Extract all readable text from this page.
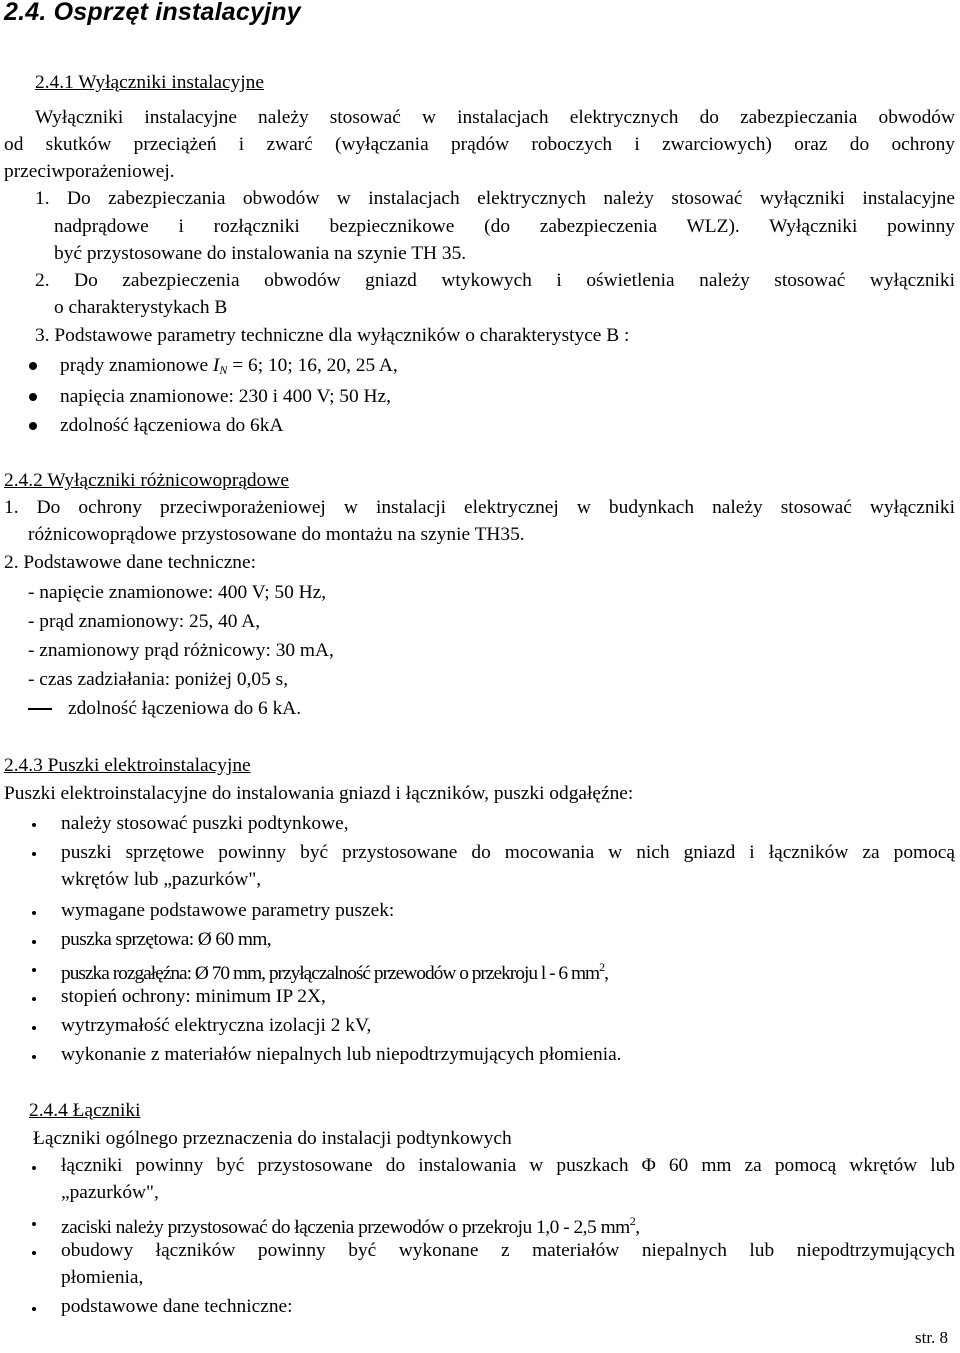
2.4. Osprzęt instalacyjny
2.4.1 Wyłączniki instalacyjne
Wyłączniki instalacyjne należy stosować w instalacjach elektrycznych do zabezpieczania obwodów
od skutków przeciążeń i zwarć (wyłączania prądów roboczych i zwarciowych) oraz do ochrony
przeciwporażeniowej.
1. Do zabezpieczania obwodów w instalacjach elektrycznych należy stosować wyłączniki instalacyjne
nadprądowe i rozłączniki bezpiecznikowe (do zabezpieczenia WLZ). Wyłączniki powinny
być przystosowane do instalowania na szynie TH 35.
2. Do zabezpieczenia obwodów gniazd wtykowych i oświetlenia należy stosować wyłączniki
o charakterystykach B
3. Podstawowe parametry techniczne dla wyłączników o charakterystyce B :
prądy znamionowe $I_N = 6$; 10; 16, 20, 25 A,
napięcia znamionowe: 230 i 400 V; 50 Hz,
zdolność łączeniowa do 6kA
2.4.2 Wyłączniki różnicowoprądowe
1. Do ochrony przeciwporażeniowej w instalacji elektrycznej w budynkach należy stosować wyłączniki
różnicowoprądowe przystosowane do montażu na szynie TH35.
2. Podstawowe dane techniczne:
- napięcie znamionowe: 400 V; 50 Hz,
- prąd znamionowy: 25, 40 A,
- znamionowy prąd różnicowy: 30 mA,
- czas zadziałania: poniżej 0,05 s,
zdolność łączeniowa do 6 kA.
2.4.3 Puszki elektroinstalacyjne
Puszki elektroinstalacyjne do instalowania gniazd i łączników, puszki odgałęźne:
należy stosować puszki podtynkowe,
puszki sprzętowe powinny być przystosowane do mocowania w nich gniazd i łączników za pomocą
wkrętów lub „pazurków",
wymagane podstawowe parametry puszek:
puszka sprzętowa: Ø 60 mm,
puszka rozgałęźna: Ø 70 mm, przyłączalność przewodów o przekroju l - 6 $mm^2$,
stopień ochrony: minimum IP 2X,
wytrzymałość elektryczna izolacji 2 kV,
wykonanie z materiałów niepalnych lub niepodtrzymujących płomienia.
2.4.4 Łączniki
Łączniki ogólnego przeznaczenia do instalacji podtynkowych
łączniki powinny być przystosowane do instalowania w puszkach Φ 60 mm za pomocą wkrętów lub
„pazurków",
zaciski należy przystosować do łączenia przewodów o przekroju 1,0 - 2,5 $mm^2$,
obudowy łączników powinny być wykonane z materiałów niepalnych lub niepodtrzymujących
płomienia,
podstawowe dane techniczne:
str. 8
